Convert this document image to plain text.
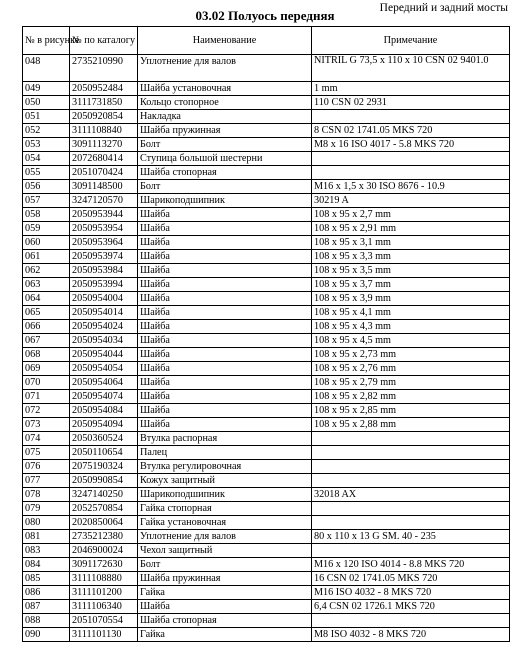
Передний и задний мосты
03.02 Полуось передняя
№ в рисунке	№ по каталогу	Наименование	Примечание
048	2735210990	Уплотнение для валов	NITRIL G 73,5 x 110 x 10 CSN 02 9401.0
049	2050952484	Шайба установочная	1 mm
050	3111731850	Кольцо стопорное	110 CSN 02 2931
051	2050920854	Накладка	
052	3111108840	Шайба пружинная	8 CSN 02 1741.05 MKS 720
053	3091113270	Болт	M8 x 16 ISO 4017 - 5.8 MKS 720
054	2072680414	Ступица большой шестерни	
055	2051070424	Шайба стопорная	
056	3091148500	Болт	M16 x 1,5 x 30 ISO 8676 - 10.9
057	3247120570	Шарикоподшипник	30219 A
058	2050953944	Шайба	108 x 95 x 2,7 mm
059	2050953954	Шайба	108 x 95 x 2,91 mm
060	2050953964	Шайба	108 x 95 x 3,1 mm
061	2050953974	Шайба	108 x 95 x 3,3 mm
062	2050953984	Шайба	108 x 95 x 3,5 mm
063	2050953994	Шайба	108 x 95 x 3,7 mm
064	2050954004	Шайба	108 x 95 x 3,9 mm
065	2050954014	Шайба	108 x 95 x 4,1 mm
066	2050954024	Шайба	108 x 95 x 4,3 mm
067	2050954034	Шайба	108 x 95 x 4,5 mm
068	2050954044	Шайба	108 x 95 x 2,73 mm
069	2050954054	Шайба	108 x 95 x 2,76 mm
070	2050954064	Шайба	108 x 95 x 2,79 mm
071	2050954074	Шайба	108 x 95 x 2,82 mm
072	2050954084	Шайба	108 x 95 x 2,85 mm
073	2050954094	Шайба	108 x 95 x 2,88 mm
074	2050360524	Втулка распорная	
075	2050110654	Палец	
076	2075190324	Втулка регулировочная	
077	2050990854	Кожух защитный	
078	3247140250	Шарикоподшипник	32018 AX
079	2052570854	Гайка стопорная	
080	2020850064	Гайка установочная	
081	2735212380	Уплотнение для валов	80 x 110 x 13 G SM. 40 - 235
083	2046900024	Чехол защитный	
084	3091172630	Болт	M16 x 120 ISO 4014 - 8.8 MKS 720
085	3111108880	Шайба пружинная	16 CSN 02 1741.05 MKS 720
086	3111101200	Гайка	M16 ISO 4032 - 8 MKS 720
087	3111106340	Шайба	6,4 CSN 02 1726.1 MKS 720
088	2051070554	Шайба стопорная	
090	3111101130	Гайка	M8 ISO 4032 - 8 MKS 720
